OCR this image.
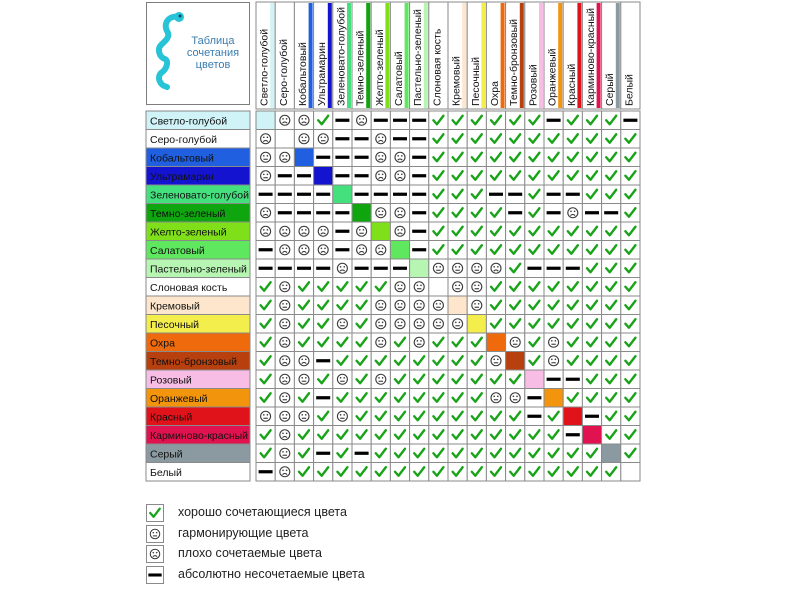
Светло-голубой Серо-голубой Кобальтовый Ультрамарин Зеленовато-голубой Темно-зеленый Желто-зеленый Салатовый Пастельно-зеленый Слоновая кость Кремовый Песочный Охра Темно-бронзовый Розовый Оранжевый Красный Карминово-красный Серый Белый
Светло-голубой
Серо-голубой
Кобальтовый
Ультрамарин
Зеленовато-голубой
Темно-зеленый
Желто-зеленый
Салатовый
Пастельно-зеленый
Слоновая кость
Кремовый
Песочный
Охра
Темно-бронзовый
Розовый
Оранжевый
Красный
Карминово-красный
Серый
Белый
Таблица
сочетания
цветов
хорошо сочетающиеся цвета
гармонирующие цвета
плохо сочетаемые цвета
абсолютно несочетаемые цвета
